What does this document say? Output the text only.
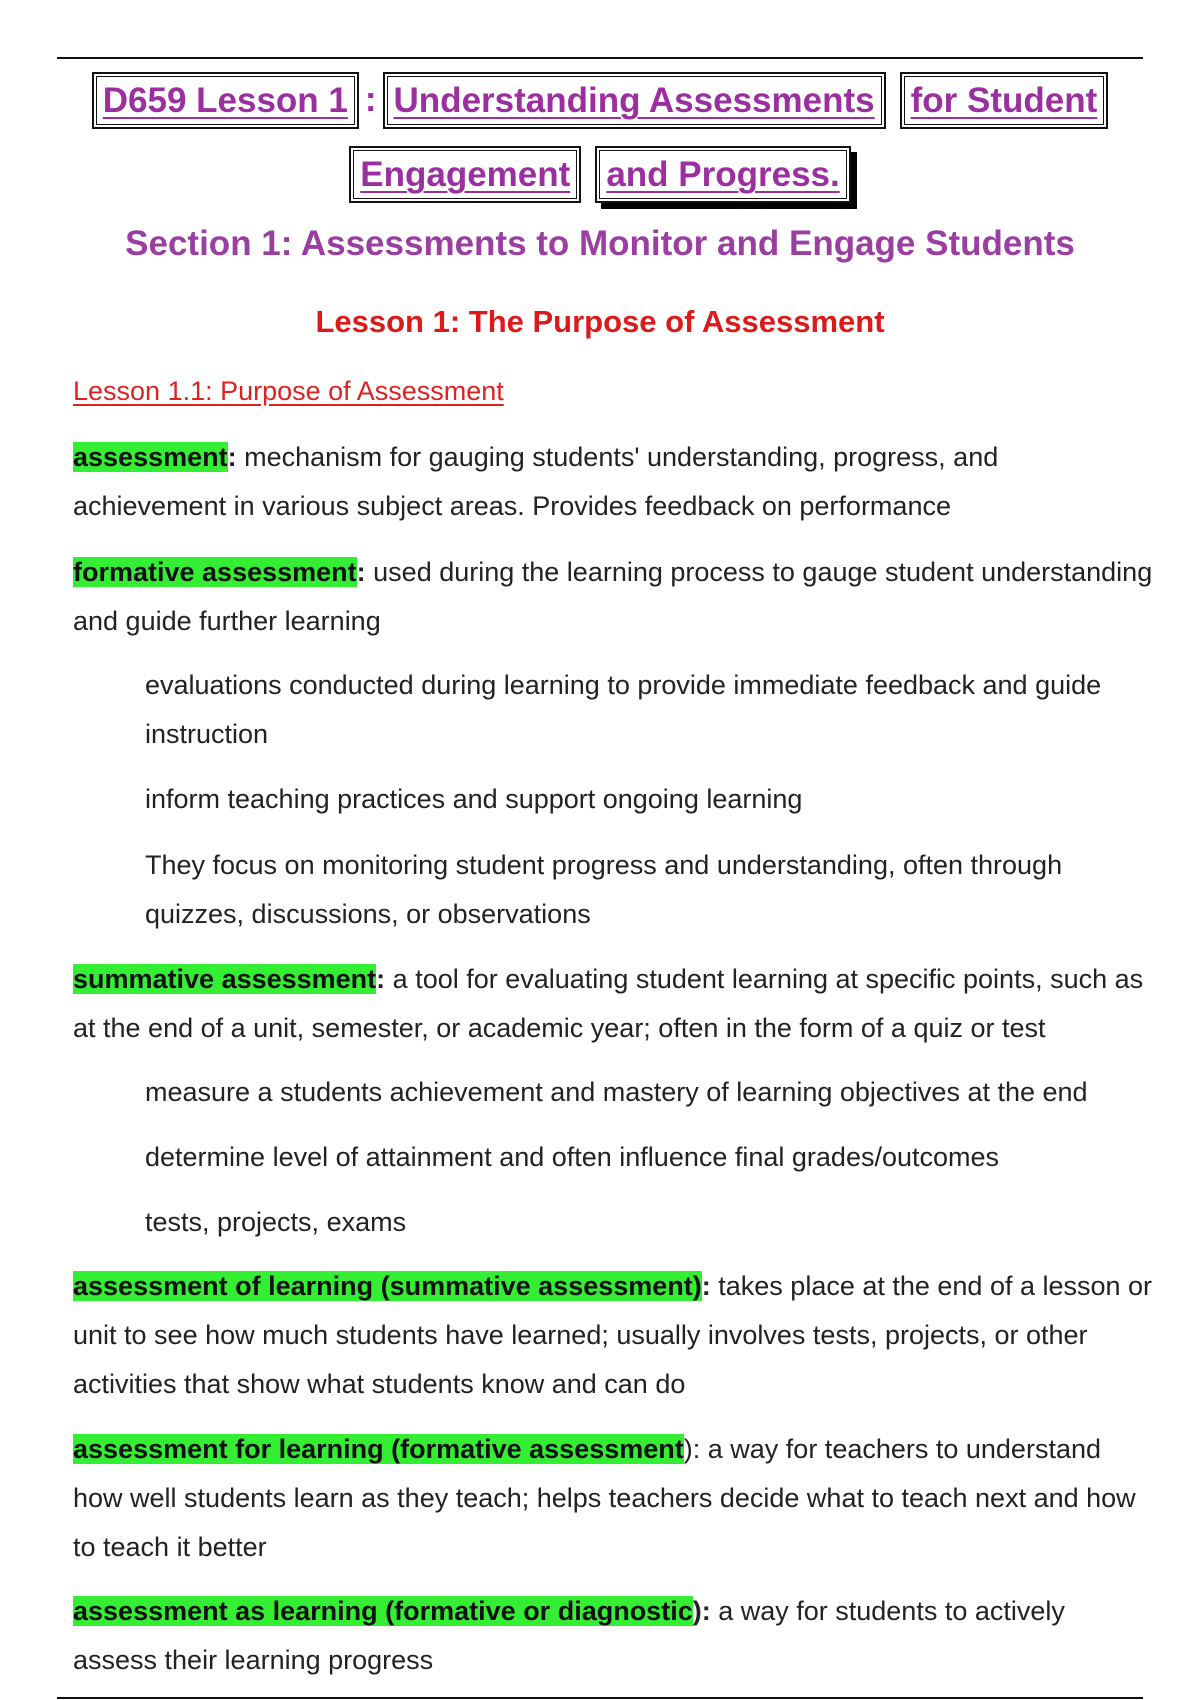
D659 Lesson 1 : Understanding Assessments for Student
Engagement and Progress.
Section 1: Assessments to Monitor and Engage Students
Lesson 1: The Purpose of Assessment
Lesson 1.1: Purpose of Assessment
assessment: mechanism for gauging students' understanding, progress, and achievement in various subject areas. Provides feedback on performance
formative assessment: used during the learning process to gauge student understanding and guide further learning
evaluations conducted during learning to provide immediate feedback and guide instruction
inform teaching practices and support ongoing learning
They focus on monitoring student progress and understanding, often through quizzes, discussions, or observations
summative assessment: a tool for evaluating student learning at specific points, such as at the end of a unit, semester, or academic year; often in the form of a quiz or test
measure a students achievement and mastery of learning objectives at the end
determine level of attainment and often influence final grades/outcomes
tests, projects, exams
assessment of learning (summative assessment): takes place at the end of a lesson or unit to see how much students have learned; usually involves tests, projects, or other activities that show what students know and can do
assessment for learning (formative assessment): a way for teachers to understand how well students learn as they teach; helps teachers decide what to teach next and how to teach it better
assessment as learning (formative or diagnostic): a way for students to actively assess their learning progress
